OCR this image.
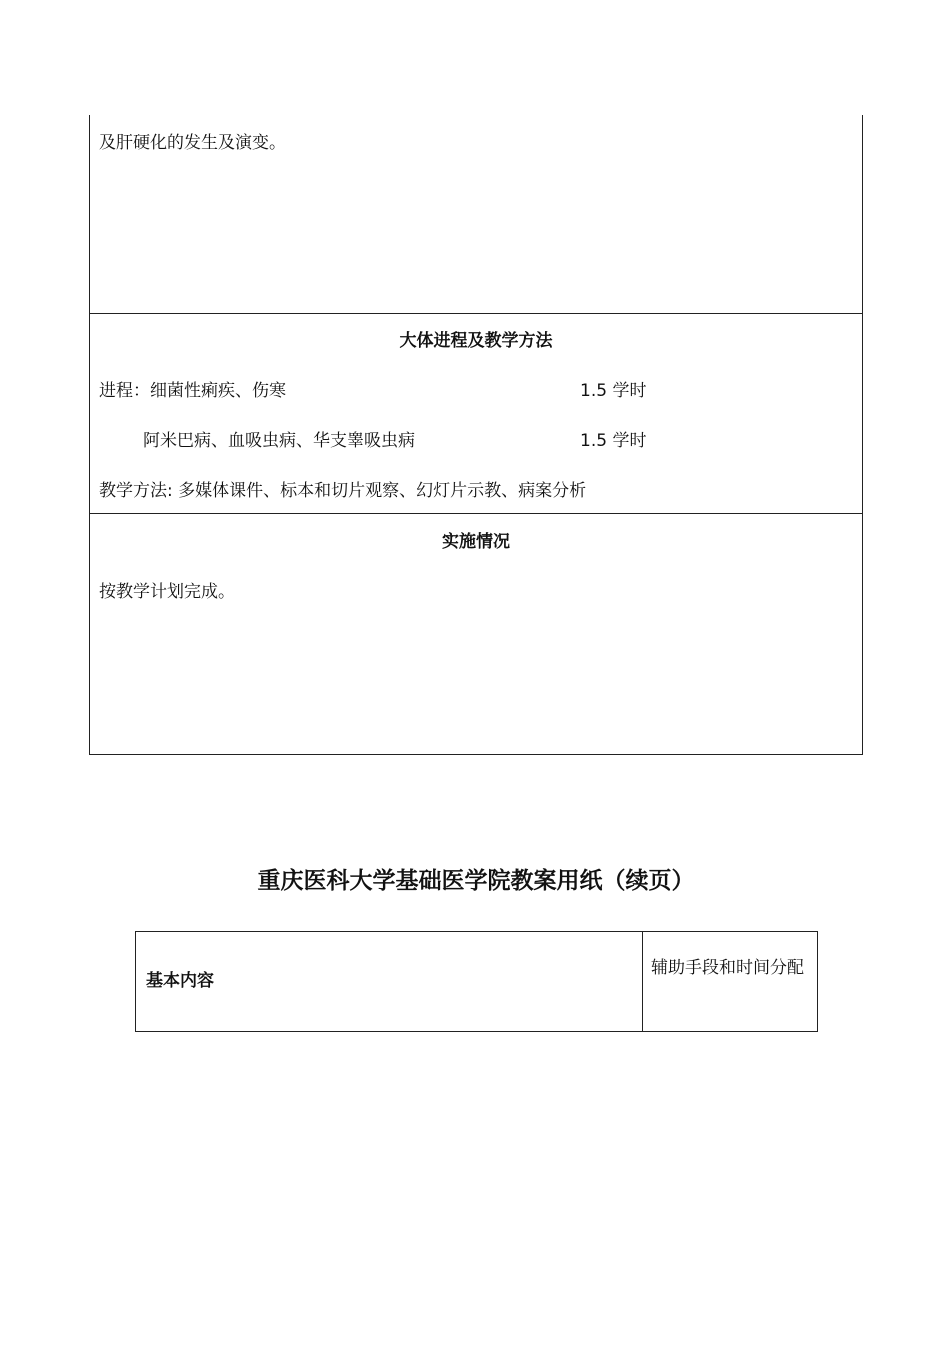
及肝硬化的发生及演变。
大体进程及教学方法
进程：细菌性痢疾、伤寒	1.5 学时
阿米巴病、血吸虫病、华支睾吸虫病	1.5 学时
教学方法: 多媒体课件、标本和切片观察、幻灯片示教、病案分析
实施情况
按教学计划完成。
重庆医科大学基础医学院教案用纸（续页）
基本内容
辅助手段和时间分配
